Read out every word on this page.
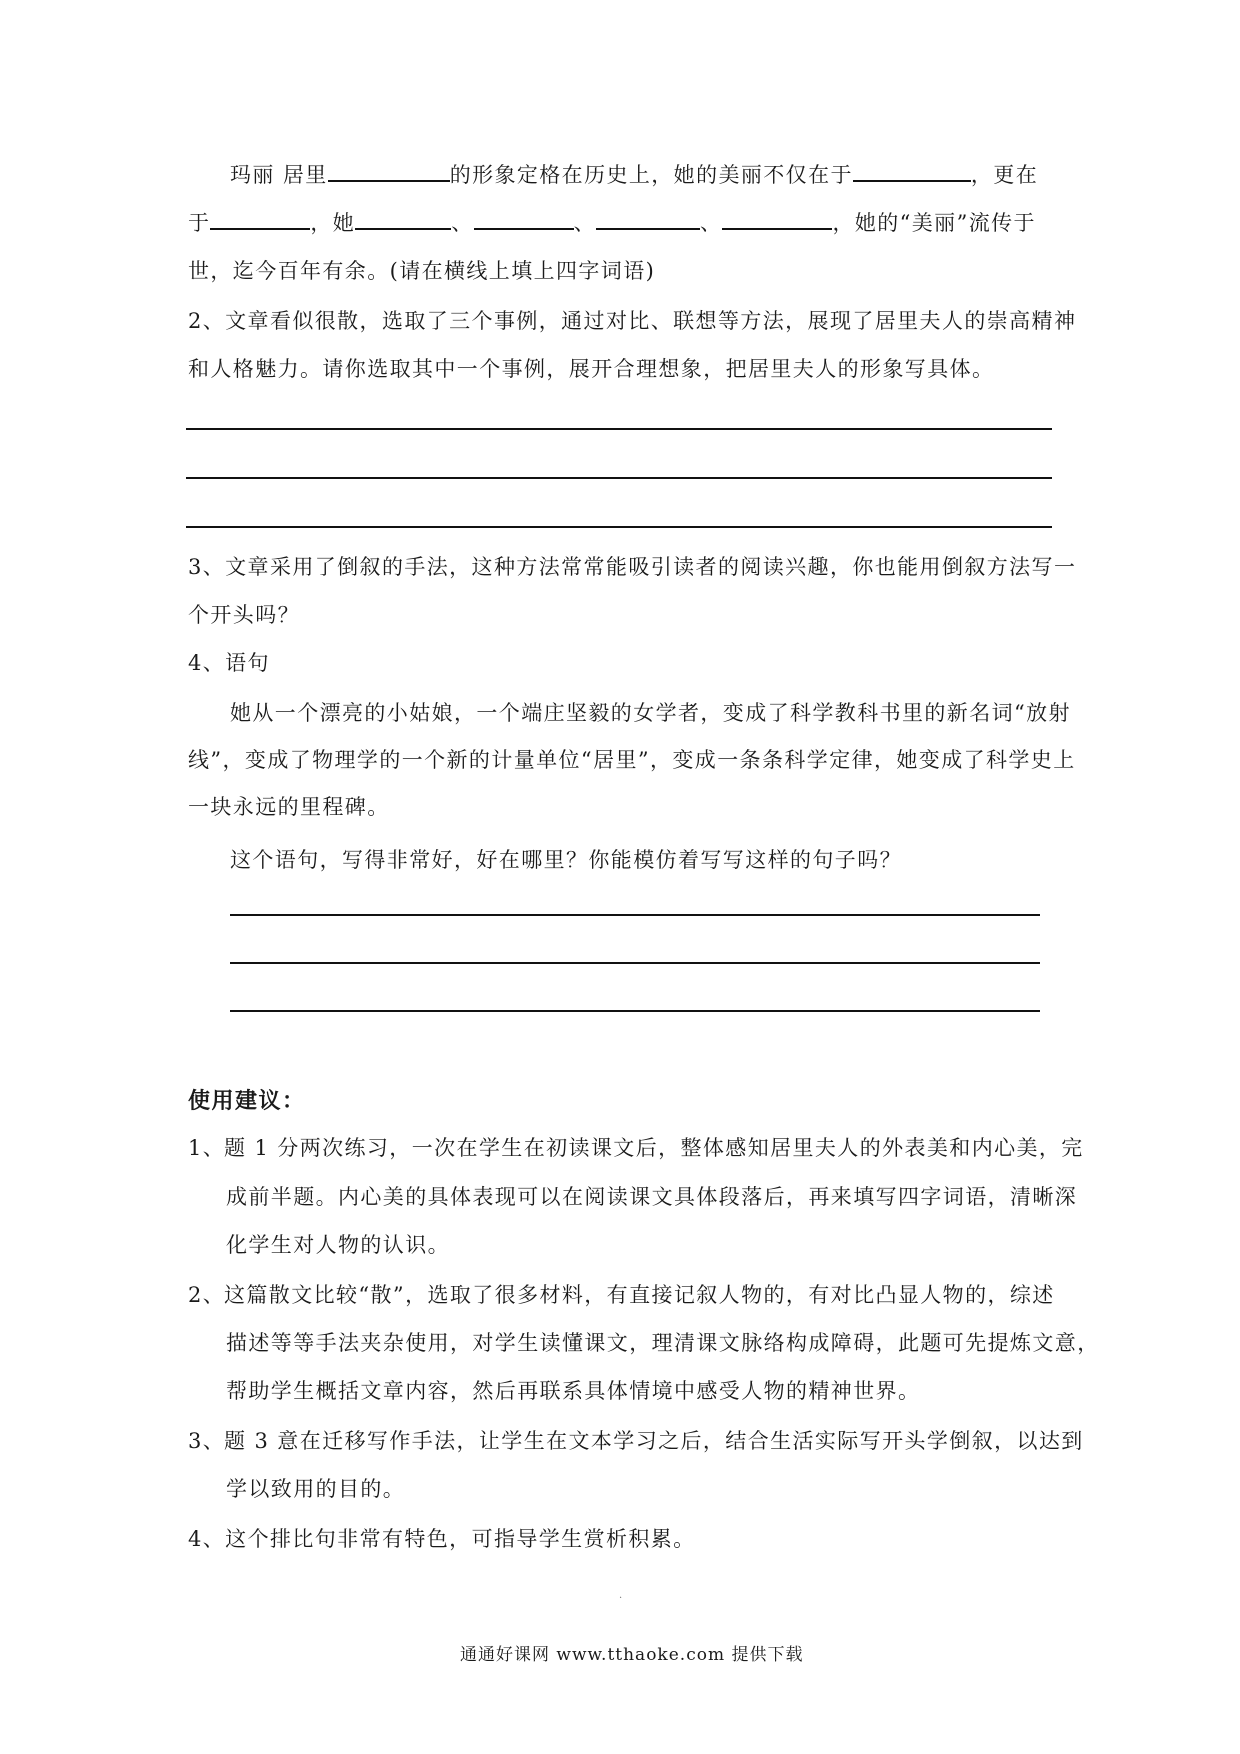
玛丽 居里	的形象定格在历史上，她的美丽不仅在于	，更在
于	，她	、	、	、	，她的“美丽”流传于
世，迄今百年有余。(请在横线上填上四字词语)
2、文章看似很散，选取了三个事例，通过对比、联想等方法，展现了居里夫人的崇高精神
和人格魅力。请你选取其中一个事例，展开合理想象，把居里夫人的形象写具体。
3、文章采用了倒叙的手法，这种方法常常能吸引读者的阅读兴趣，你也能用倒叙方法写一
个开头吗？
4、语句
她从一个漂亮的小姑娘，一个端庄坚毅的女学者，变成了科学教科书里的新名词“放射
线”，变成了物理学的一个新的计量单位“居里”，变成一条条科学定律，她变成了科学史上
一块永远的里程碑。
这个语句，写得非常好，好在哪里？你能模仿着写写这样的句子吗？
使用建议：
1、题 1 分两次练习，一次在学生在初读课文后，整体感知居里夫人的外表美和内心美，完
成前半题。内心美的具体表现可以在阅读课文具体段落后，再来填写四字词语，清晰深
化学生对人物的认识。
2、这篇散文比较“散”，选取了很多材料，有直接记叙人物的，有对比凸显人物的，综述
描述等等手法夹杂使用，对学生读懂课文，理清课文脉络构成障碍，此题可先提炼文意，
帮助学生概括文章内容，然后再联系具体情境中感受人物的精神世界。
3、题 3 意在迁移写作手法，让学生在文本学习之后，结合生活实际写开头学倒叙，以达到
学以致用的目的。
4、这个排比句非常有特色，可指导学生赏析积累。
.
通通好课网 www.tthaoke.com 提供下载
